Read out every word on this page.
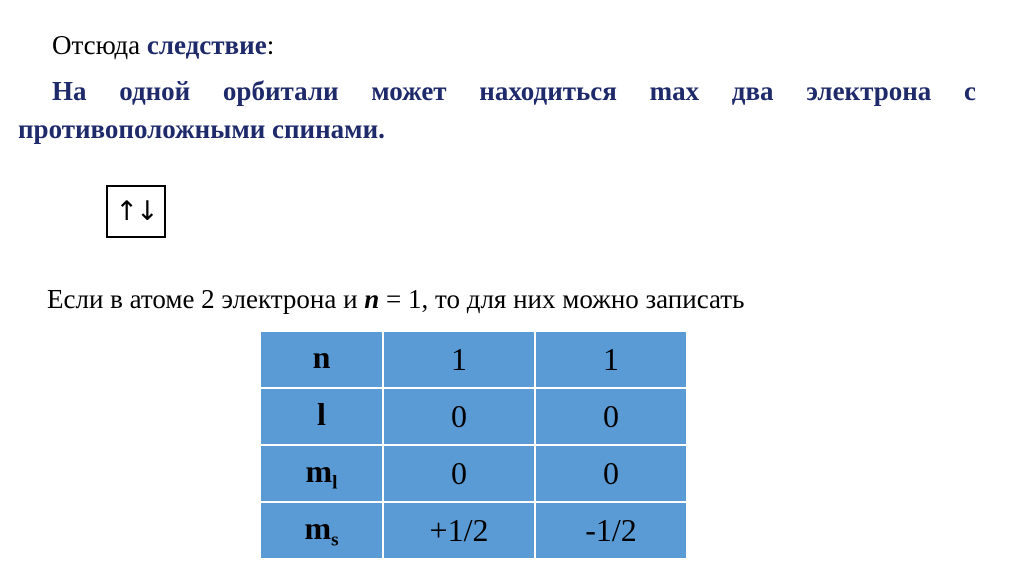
Отсюда следствие:
На одной орбитали может находиться max два электрона с
противоположными спинами.
↑↓
Если в атоме 2 электрона и n = 1, то для них можно записать
n	1	1
l	0	0
$m_l$	0	0
$m_s$	+1/2	-1/2
